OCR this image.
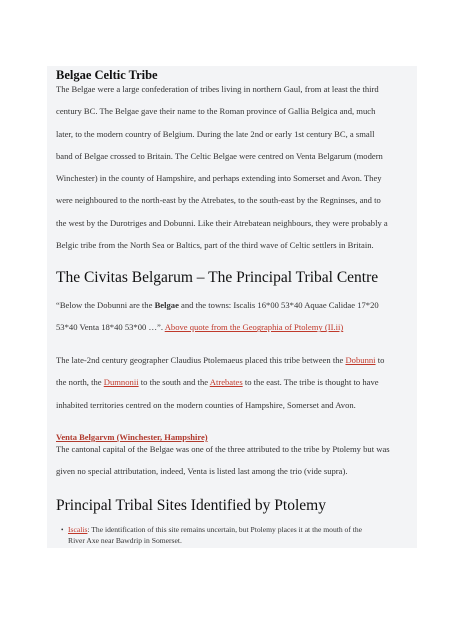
Belgae Celtic Tribe
The Belgae were a large confederation of tribes living in northern Gaul, from at least the third
century BC. The Belgae gave their name to the Roman province of Gallia Belgica and, much
later, to the modern country of Belgium. During the late 2nd or early 1st century BC, a small
band of Belgae crossed to Britain. The Celtic Belgae were centred on Venta Belgarum (modern
Winchester) in the county of Hampshire, and perhaps extending into Somerset and Avon. They
were neighboured to the north-east by the Atrebates, to the south-east by the Regninses, and to
the west by the Durotriges and Dobunni. Like their Atrebatean neighbours, they were probably a
Belgic tribe from the North Sea or Baltics, part of the third wave of Celtic settlers in Britain.
The Civitas Belgarum – The Principal Tribal Centre
“Below the Dobunni are the Belgae and the towns: Iscalis 16*00 53*40 Aquae Calidae 17*20
53*40 Venta 18*40 53*00 …”. Above quote from the Geographia of Ptolemy (II.ii)
The late-2nd century geographer Claudius Ptolemaeus placed this tribe between the Dobunni to
the north, the Dumnonii to the south and the Atrebates to the east. The tribe is thought to have
inhabited territories centred on the modern counties of Hampshire, Somerset and Avon.
Venta Belgarvm (Winchester, Hampshire)
The cantonal capital of the Belgae was one of the three attributed to the tribe by Ptolemy but was
given no special attributation, indeed, Venta is listed last among the trio (vide supra).
Principal Tribal Sites Identified by Ptolemy
• Iscalis: The identification of this site remains uncertain, but Ptolemy places it at the mouth of the
River Axe near Bawdrip in Somerset.
